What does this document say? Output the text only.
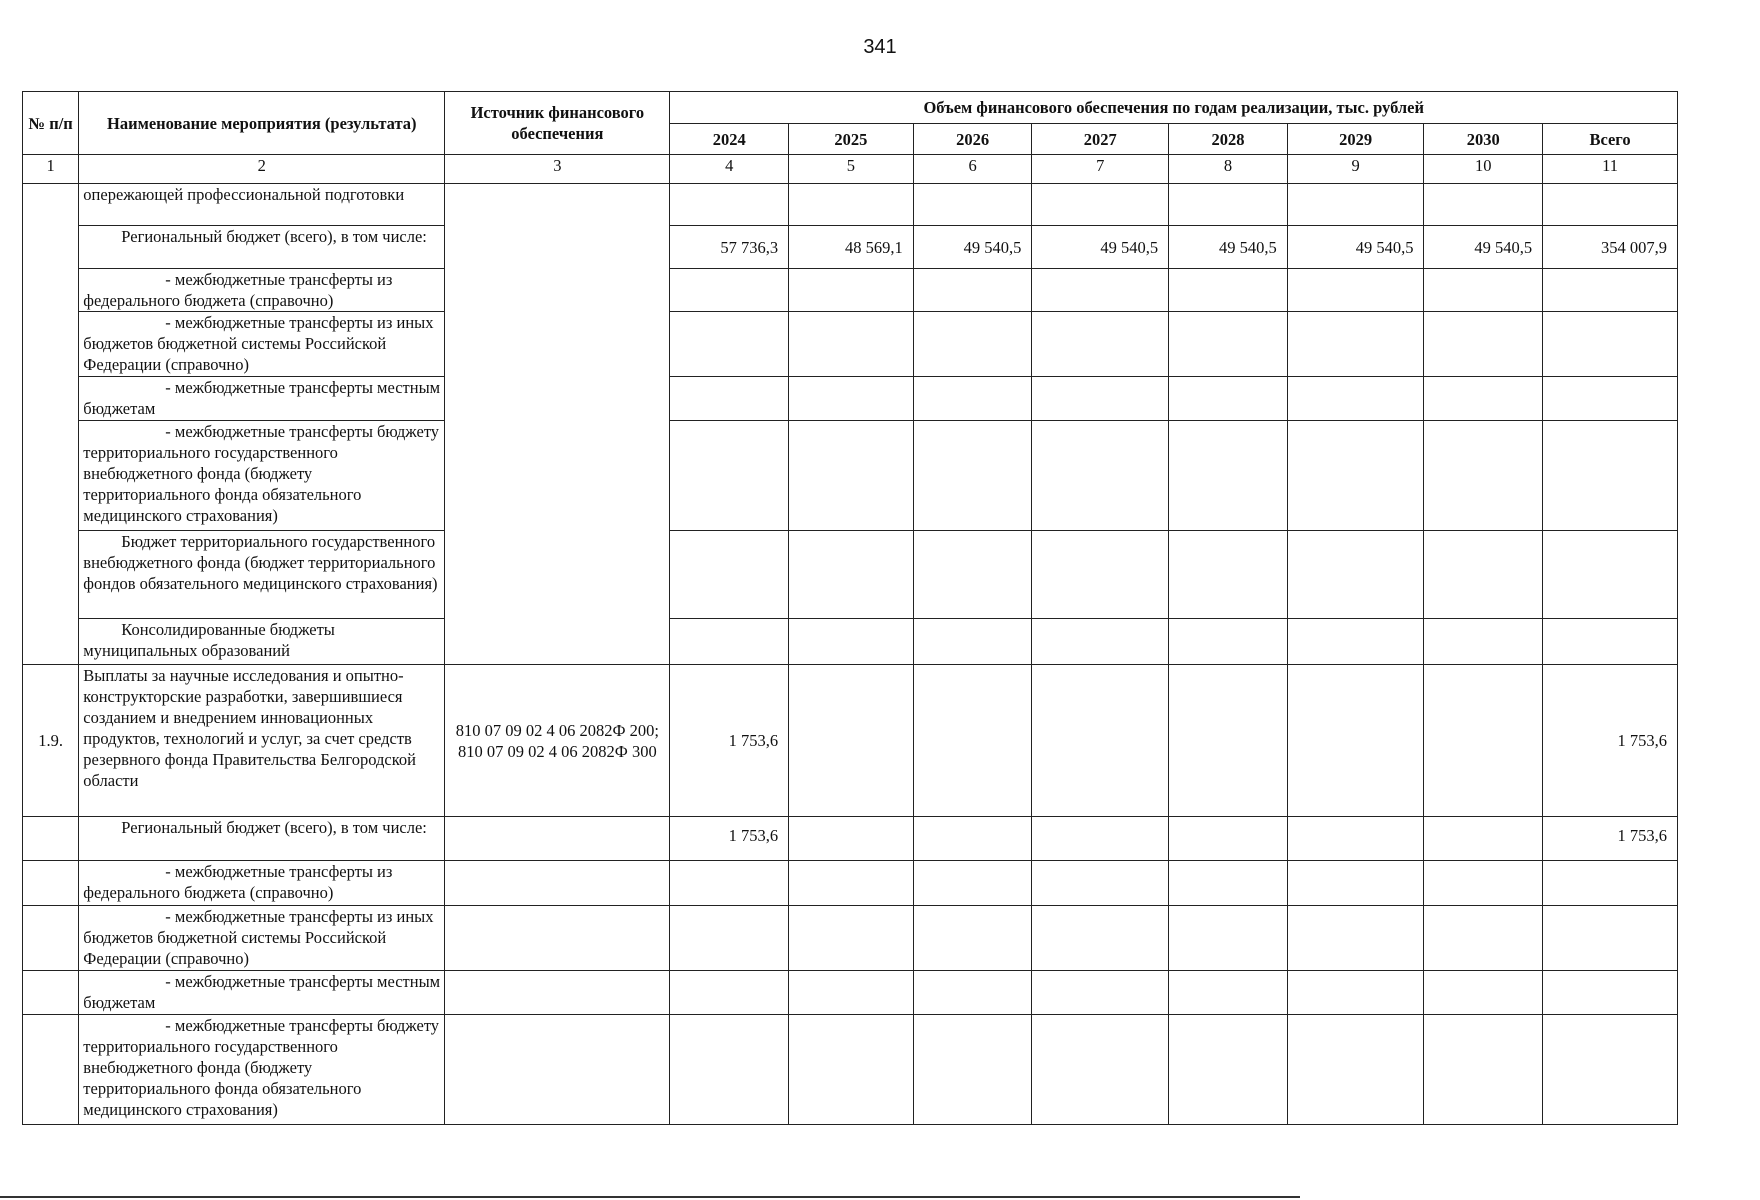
341
№ п/п	Наименование мероприятия (результата)	Источник финансового обеспечения	Объем финансового обеспечения по годам реализации, тыс. рублей							
			2024	2025	2026	2027	2028	2029	2030	Всего
1	2	3	4	5	6	7	8	9	10	11
	опережающей профессиональной подготовки									
	Региональный бюджет (всего), в том числе:		57 736,3	48 569,1	49 540,5	49 540,5	49 540,5	49 540,5	49 540,5	354 007,9
	- межбюджетные трансферты из федерального бюджета (справочно)									
	- межбюджетные трансферты из иных бюджетов бюджетной системы Российской Федерации (справочно)									
	- межбюджетные трансферты местным бюджетам									
	- межбюджетные трансферты бюджету территориального государственного внебюджетного фонда (бюджету территориального фонда обязательного медицинского страхования)									
	Бюджет территориального государственного внебюджетного фонда (бюджет территориального фондов обязательного медицинского страхования)									
	Консолидированные бюджеты муниципальных образований									
1.9.	Выплаты за научные исследования и опытно-конструкторские разработки, завершившиеся созданием и внедрением инновационных продуктов, технологий и услуг, за счет средств резервного фонда Правительства Белгородской области	810 07 09 02 4 06 2082Ф 200; 810 07 09 02 4 06 2082Ф 300	1 753,6							1 753,6
	Региональный бюджет (всего), в том числе:		1 753,6							1 753,6
	- межбюджетные трансферты из федерального бюджета (справочно)									
	- межбюджетные трансферты из иных бюджетов бюджетной системы Российской Федерации (справочно)									
	- межбюджетные трансферты местным бюджетам									
	- межбюджетные трансферты бюджету территориального государственного внебюджетного фонда (бюджету территориального фонда обязательного медицинского страхования)									
